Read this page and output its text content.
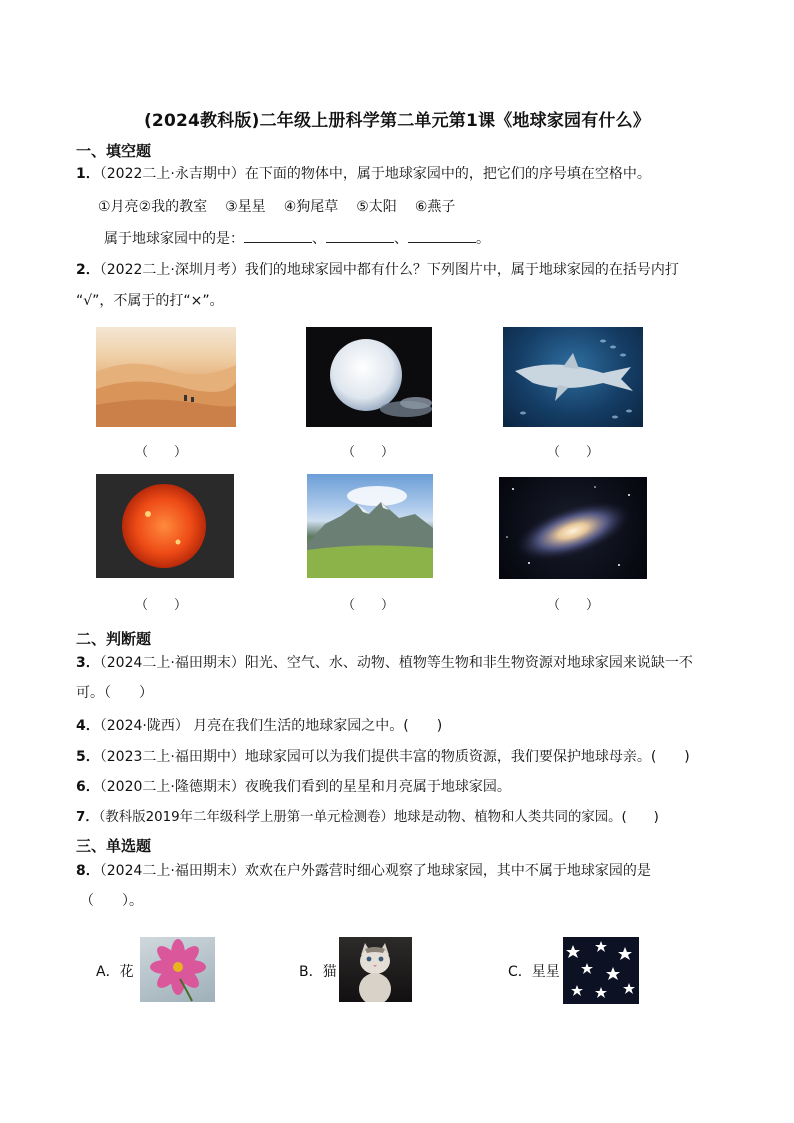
(2024教科版)二年级上册科学第二单元第1课《地球家园有什么》
一、填空题
1．（2022二上·永吉期中）在下面的物体中，属于地球家园中的，把它们的序号填在空格中。
①月亮②我的教室 ③星星 ④狗尾草 ⑤太阳 ⑥燕子
属于地球家园中的是：	、	、	。
2．（2022二上·深圳月考）我们的地球家园中都有什么？下列图片中，属于地球家园的在括号内打
“√”，不属于的打“×”。
（　　）	（　　）	（　　）
（　　）	（　　）	（　　）
二、判断题
3．（2024二上·福田期末）阳光、空气、水、动物、植物等生物和非生物资源对地球家园来说缺一不
可。（　　）
4．（2024·陇西） 月亮在我们生活的地球家园之中。(　　)
5．（2023二上·福田期中）地球家园可以为我们提供丰富的物质资源，我们要保护地球母亲。(　　)
6．（2020二上·隆德期末）夜晚我们看到的星星和月亮属于地球家园。
7．（教科版2019年二年级科学上册第一单元检测卷）地球是动物、植物和人类共同的家园。(　　)
三、单选题
8．（2024二上·福田期末）欢欢在户外露营时细心观察了地球家园，其中不属于地球家园的是
（　　）。
A．花	B．猫	C．星星
